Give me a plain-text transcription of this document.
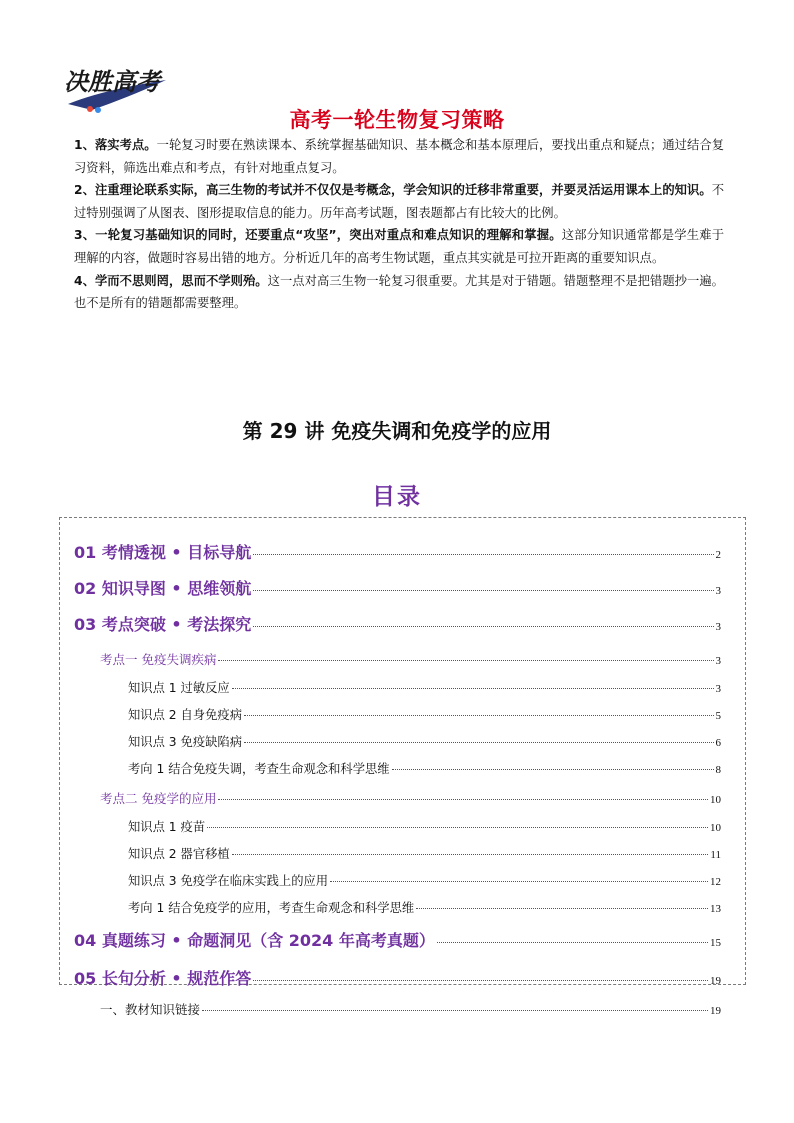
决胜高考
高考一轮生物复习策略

1、落实考点。一轮复习时要在熟读课本、系统掌握基础知识、基本概念和基本原理后，要找出重点和疑点；通过结合复习资料，筛选出难点和考点，有针对地重点复习。

2、注重理论联系实际，高三生物的考试并不仅仅是考概念，学会知识的迁移非常重要，并要灵活运用课本上的知识。不过特别强调了从图表、图形提取信息的能力。历年高考试题，图表题都占有比较大的比例。

3、一轮复习基础知识的同时，还要重点“攻坚”，突出对重点和难点知识的理解和掌握。这部分知识通常都是学生难于理解的内容，做题时容易出错的地方。分析近几年的高考生物试题，重点其实就是可拉开距离的重要知识点。

4、学而不思则罔，思而不学则殆。这一点对高三生物一轮复习很重要。尤其是对于错题。错题整理不是把错题抄一遍。也不是所有的错题都需要整理。

第 29 讲 免疫失调和免疫学的应用
目录
01 考情透视 • 目标导航	2
02 知识导图 • 思维领航	3
03 考点突破 • 考法探究	3
考点一 免疫失调疾病	3
知识点 1 过敏反应	3
知识点 2 自身免疫病	5
知识点 3 免疫缺陷病	6
考向 1 结合免疫失调，考查生命观念和科学思维	8
考点二 免疫学的应用	10
知识点 1 疫苗	10
知识点 2 器官移植	11
知识点 3 免疫学在临床实践上的应用	12
考向 1 结合免疫学的应用，考查生命观念和科学思维	13
04 真题练习 • 命题洞见（含 2024 年高考真题）	15
05 长句分析 • 规范作答	19
一、教材知识链接	19
